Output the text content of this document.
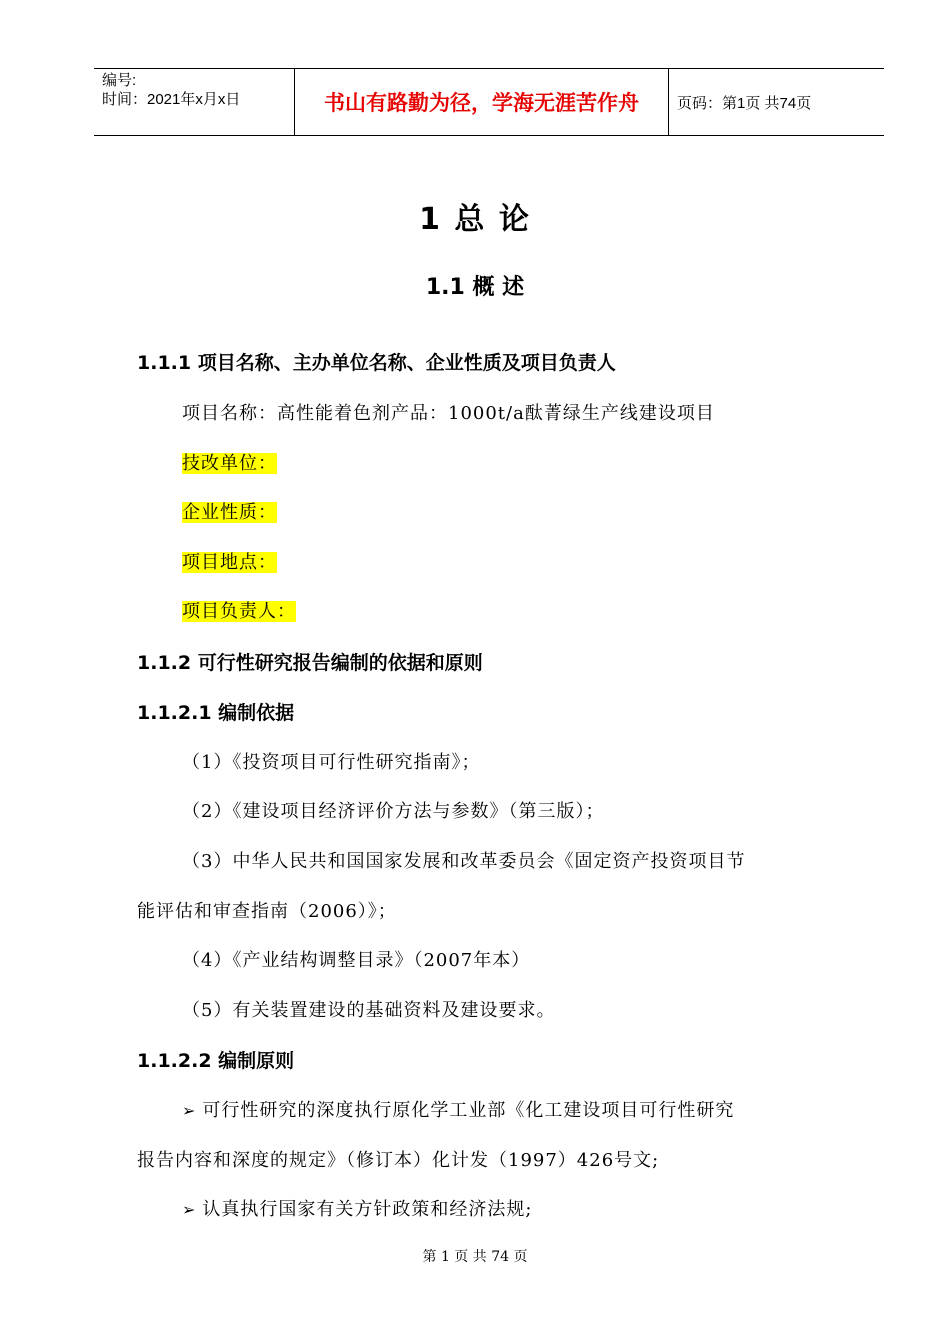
编号:
时间：2021年x月x日	书山有路勤为径，学海无涯苦作舟	页码：第1页 共74页
1 总 论
1.1 概 述
1.1.1 项目名称、主办单位名称、企业性质及项目负责人
项目名称：高性能着色剂产品：1000t/a酞菁绿生产线建设项目
技改单位：
企业性质：
项目地点：
项目负责人：
1.1.2 可行性研究报告编制的依据和原则
1.1.2.1 编制依据
（1）《投资项目可行性研究指南》；
（2）《建设项目经济评价方法与参数》（第三版）；
（3）中华人民共和国国家发展和改革委员会《固定资产投资项目节
能评估和审查指南（2006）》；
（4）《产业结构调整目录》（2007年本）
（5）有关装置建设的基础资料及建设要求。
1.1.2.2 编制原则
➢ 可行性研究的深度执行原化学工业部《化工建设项目可行性研究
报告内容和深度的规定》（修订本）化计发（1997）426号文;
➢ 认真执行国家有关方针政策和经济法规;
第 1 页 共 74 页
